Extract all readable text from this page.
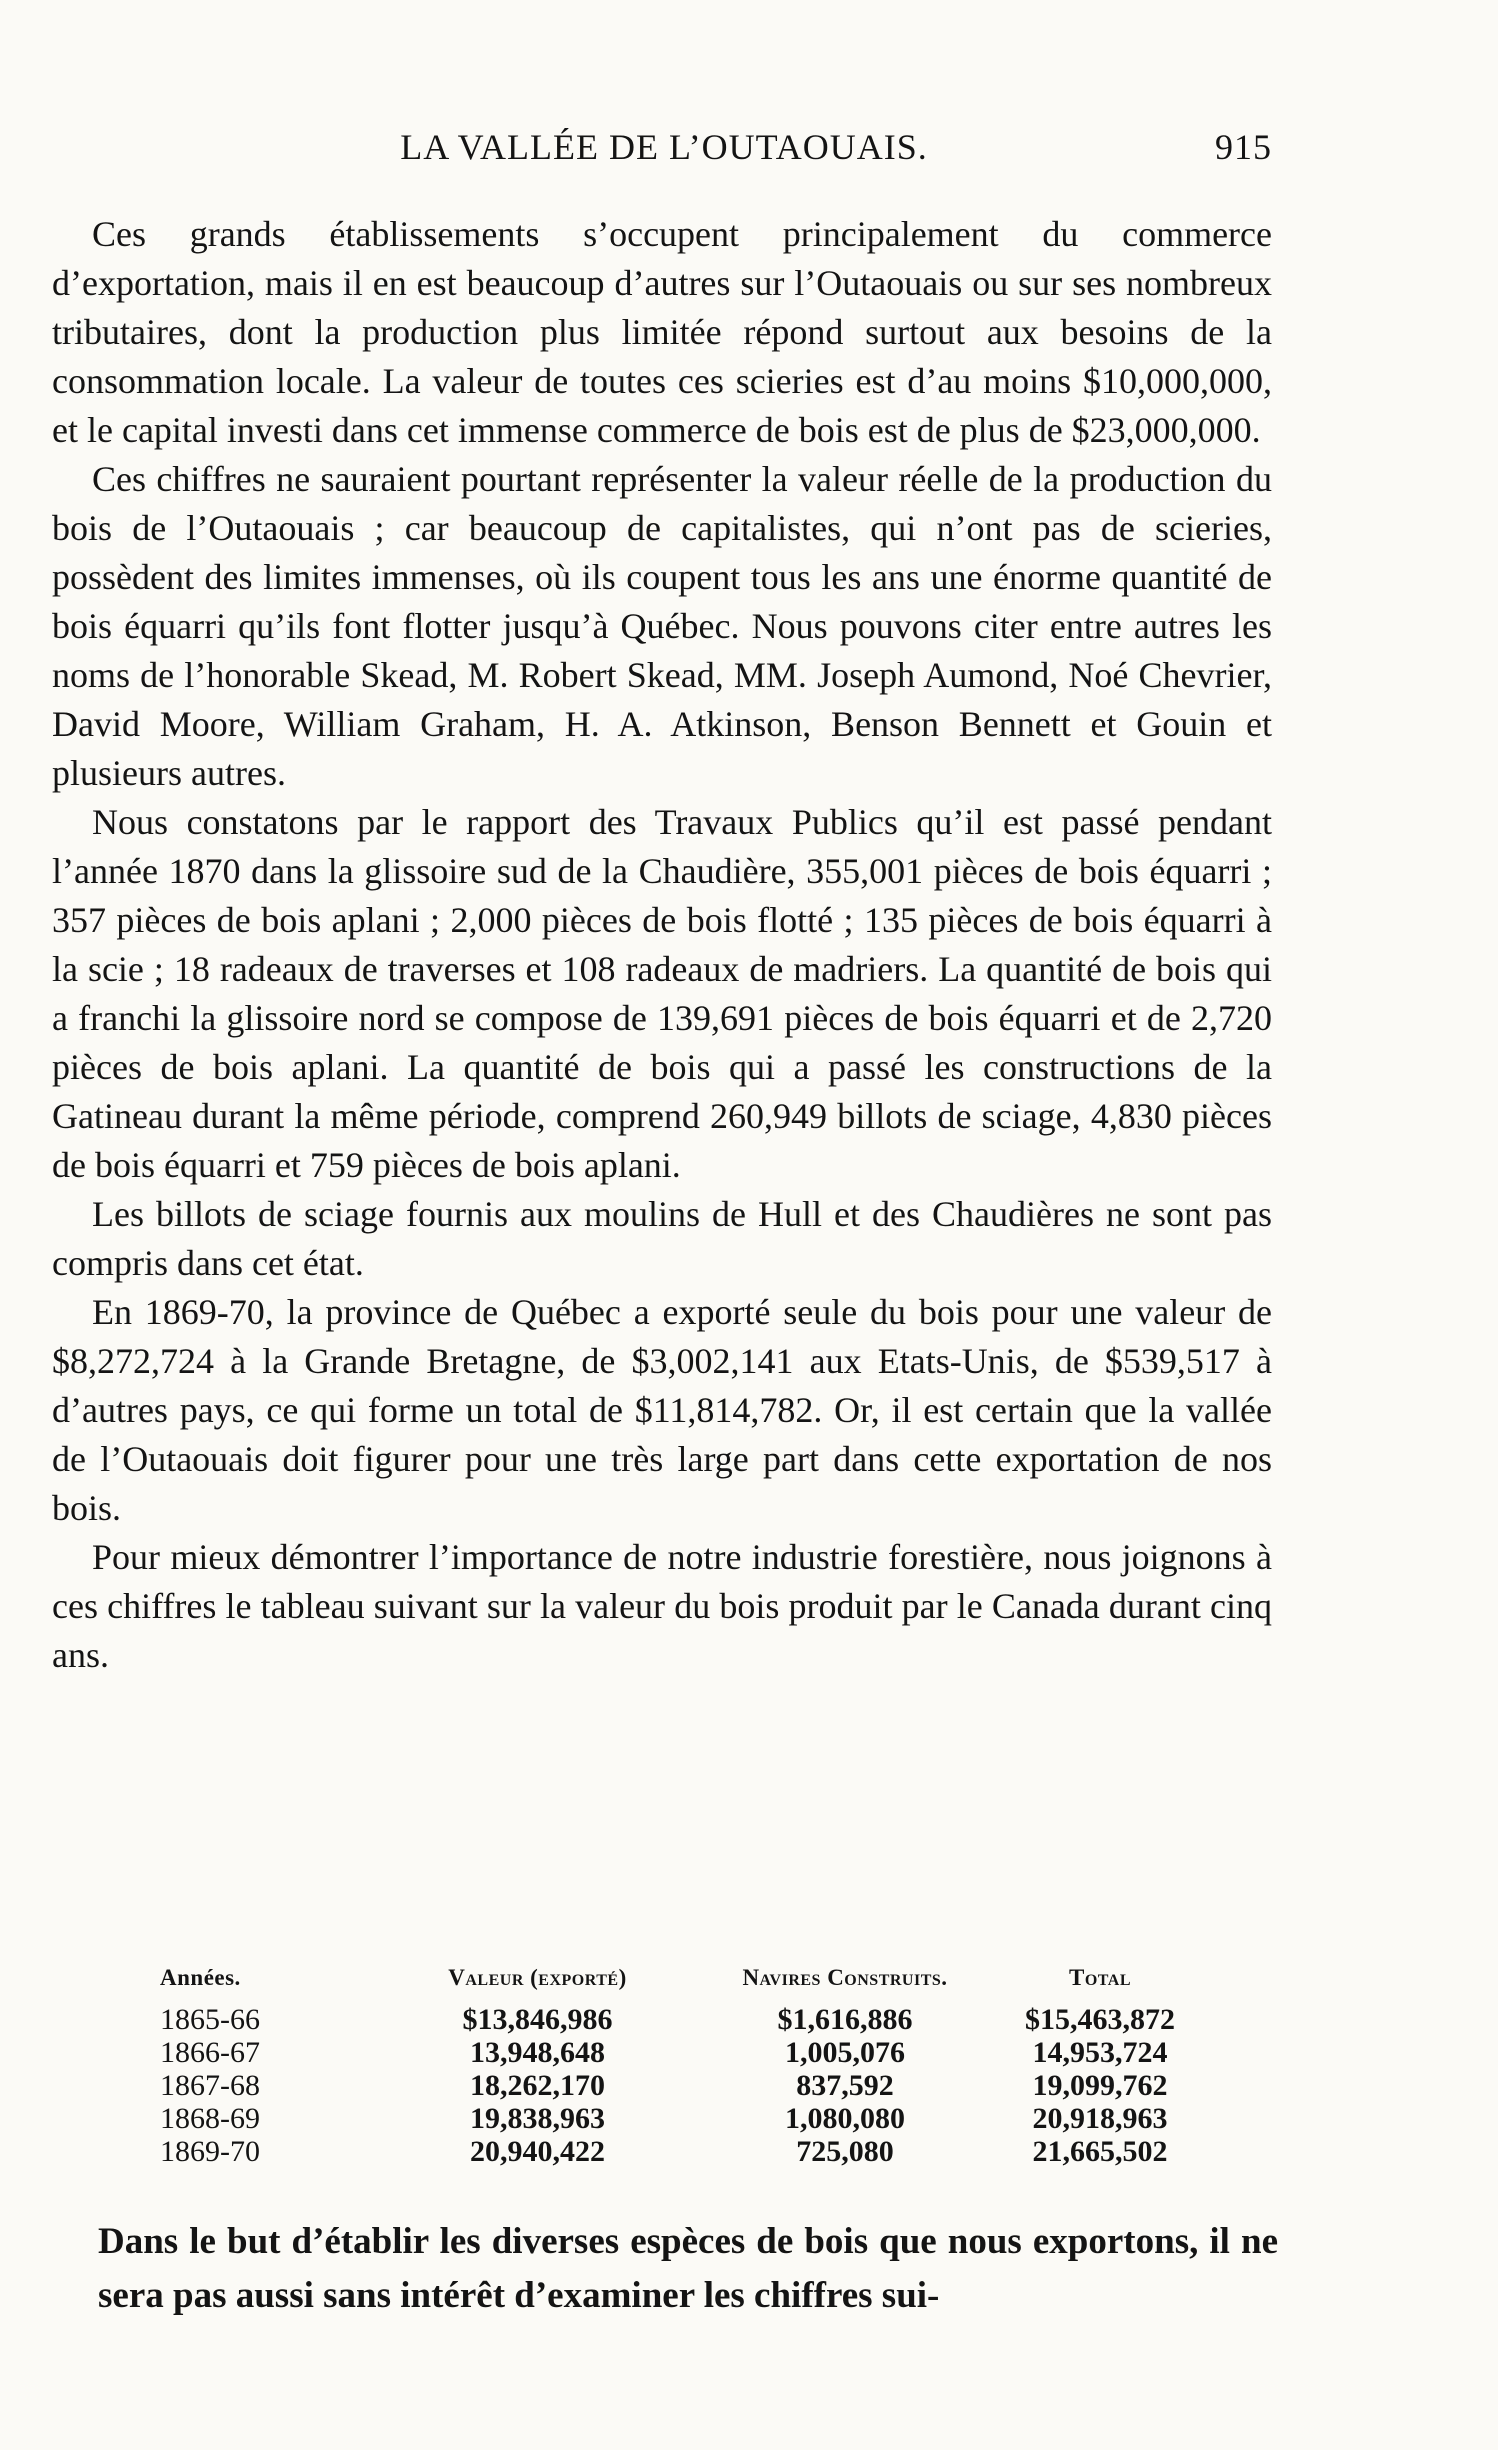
LA VALLÉE DE L’OUTAOUAIS.	915

Ces grands établissements s’occupent principalement du commerce d’exportation, mais il en est beaucoup d’autres sur l’Outaouais ou sur ses nombreux tributaires, dont la production plus limitée répond surtout aux besoins de la consommation locale. La valeur de toutes ces scieries est d’au moins $10,000,000, et le capital investi dans cet immense commerce de bois est de plus de $23,000,000.

Ces chiffres ne sauraient pourtant représenter la valeur réelle de la production du bois de l’Outaouais ; car beaucoup de capitalistes, qui n’ont pas de scieries, possèdent des limites immenses, où ils coupent tous les ans une énorme quantité de bois équarri qu’ils font flotter jusqu’à Québec. Nous pouvons citer entre autres les noms de l’honorable Skead, M. Robert Skead, MM. Joseph Aumond, Noé Chevrier, David Moore, William Graham, H. A. Atkinson, Benson Bennett et Gouin et plusieurs autres.

Nous constatons par le rapport des Travaux Publics qu’il est passé pendant l’année 1870 dans la glissoire sud de la Chaudière, 355,001 pièces de bois équarri ; 357 pièces de bois aplani ; 2,000 pièces de bois flotté ; 135 pièces de bois équarri à la scie ; 18 radeaux de traverses et 108 radeaux de madriers. La quantité de bois qui a franchi la glissoire nord se compose de 139,691 pièces de bois équarri et de 2,720 pièces de bois aplani. La quantité de bois qui a passé les constructions de la Gatineau durant la même période, comprend 260,949 billots de sciage, 4,830 pièces de bois équarri et 759 pièces de bois aplani.

Les billots de sciage fournis aux moulins de Hull et des Chaudières ne sont pas compris dans cet état.

En 1869-70, la province de Québec a exporté seule du bois pour une valeur de $8,272,724 à la Grande Bretagne, de $3,002,141 aux Etats-Unis, de $539,517 à d’autres pays, ce qui forme un total de $11,814,782. Or, il est certain que la vallée de l’Outaouais doit figurer pour une très large part dans cette exportation de nos bois.

Pour mieux démontrer l’importance de notre industrie forestière, nous joignons à ces chiffres le tableau suivant sur la valeur du bois produit par le Canada durant cinq ans.

Années.	Valeur (exporté)	Navires Construits.	Total
1865-66	$13,846,986	$1,616,886	$15,463,872
1866-67	13,948,648	1,005,076	14,953,724
1867-68	18,262,170	837,592	19,099,762
1868-69	19,838,963	1,080,080	20,918,963
1869-70	20,940,422	725,080	21,665,502
Dans le but d’établir les diverses espèces de bois que nous exportons, il ne sera pas aussi sans intérêt d’examiner les chiffres sui-
